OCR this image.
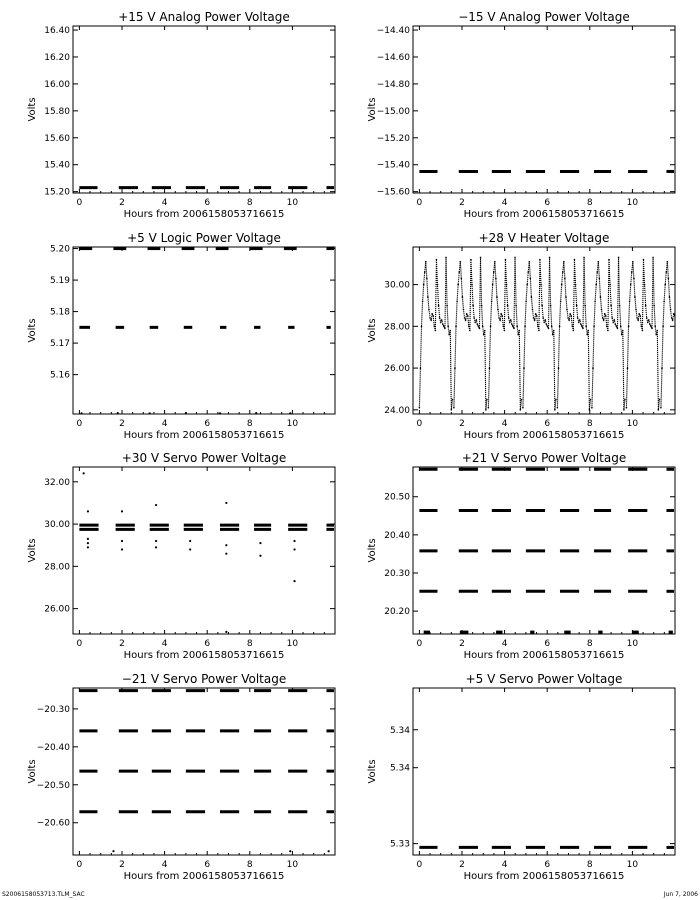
+15 V Analog Power Voltage
0	2	4	6	8	10
15.20
15.40
15.60
15.80
16.00
16.20
16.40
Hours from 2006158053716615
Volts
−15 V Analog Power Voltage
0	2	4	6	8	10
−14.40
−14.60
−14.80
−15.00
−15.20
−15.40
−15.60
Hours from 2006158053716615
Volts
+5 V Logic Power Voltage
0	2	4	6	8	10
5.20
5.19
5.18
5.17
5.16
Hours from 2006158053716615
Volts
+28 V Heater Voltage
0	2	4	6	8	10
24.00
26.00
28.00
30.00
Hours from 2006158053716615
Volts
+30 V Servo Power Voltage
0	2	4	6	8	10
26.00
28.00
30.00
32.00
Hours from 2006158053716615
Volts
+21 V Servo Power Voltage
0	2	4	6	8	10
20.50
20.40
20.30
20.20
Hours from 2006158053716615
Volts
−21 V Servo Power Voltage
0	2	4	6	8	10
−20.30
−20.40
−20.50
−20.60
Hours from 2006158053716615
Volts
+5 V Servo Power Voltage
0	2	4	6	8	10
5.34
5.34
5.33
Hours from 2006158053716615
Volts
S2006158053713.TLM_SAC	Jun 7, 2006
